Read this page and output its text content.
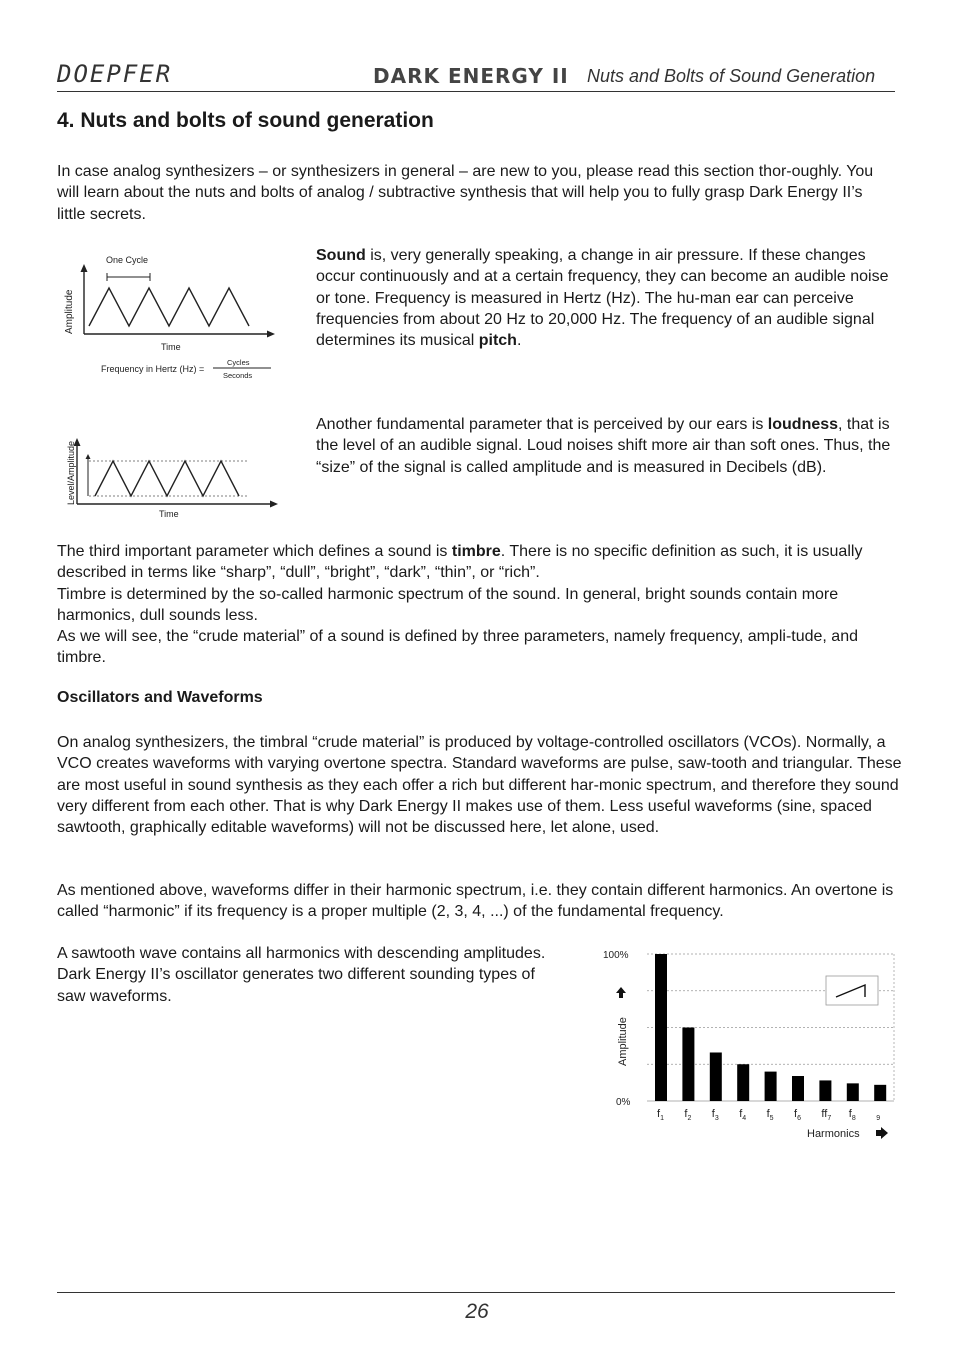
DOEPFER	DARK ENERGY II Nuts and Bolts of Sound Generation
4. Nuts and bolts of sound generation

In case analog synthesizers – or synthesizers in general – are new to you, please read this section thor-oughly. You will learn about the nuts and bolts of analog / subtractive synthesis that will help you to fully grasp Dark Energy II’s little secrets.

One Cycle
Amplitude
Time
Frequency in Hertz (Hz) =
Cycles
Seconds

Sound is, very generally speaking, a change in air pressure. If these changes occur continuously and at a certain frequency, they can become an audible noise or tone. Frequency is measured in Hertz (Hz). The hu-man ear can perceive frequencies from about 20 Hz to 20,000 Hz. The frequency of an audible signal determines its musical pitch.

Level/Amplitude
Time

Another fundamental parameter that is perceived by our ears is loudness, that is the level of an audible signal. Loud noises shift more air than soft ones. Thus, the “size” of the signal is called amplitude and is measured in Decibels (dB).

The third important parameter which defines a sound is timbre. There is no specific definition as such, it is usually described in terms like “sharp”, “dull”, “bright”, “dark”, “thin”, or “rich”.
Timbre is determined by the so-called harmonic spectrum of the sound. In general, bright sounds contain more harmonics, dull sounds less.
As we will see, the “crude material” of a sound is defined by three parameters, namely frequency, ampli-tude, and timbre.
Oscillators and Waveforms

On analog synthesizers, the timbral “crude material” is produced by voltage-controlled oscillators (VCOs). Normally, a VCO creates waveforms with varying overtone spectra. Standard waveforms are pulse, saw-tooth and triangular. These are most useful in sound synthesis as they each offer a rich but different har-monic spectrum, and therefore they sound very different from each other. That is why Dark Energy II makes use of them. Less useful waveforms (sine, spaced sawtooth, graphically editable waveforms) will not be discussed here, let alone, used.

As mentioned above, waveforms differ in their harmonic spectrum, i.e. they contain different harmonics. An overtone is called “harmonic” if its frequency is a proper multiple (2, 3, 4, ...) of the fundamental frequency.

A sawtooth wave contains all harmonics with descending amplitudes. Dark Energy II’s oscillator generates two different sounding types of saw waveforms.

$f_1$ $f_2$ $f_3$ $f_4$ $f_5$ $f_6$ $ff_7$ $f_8$	$_9$
100%
0%
Amplitude
Harmonics
26
